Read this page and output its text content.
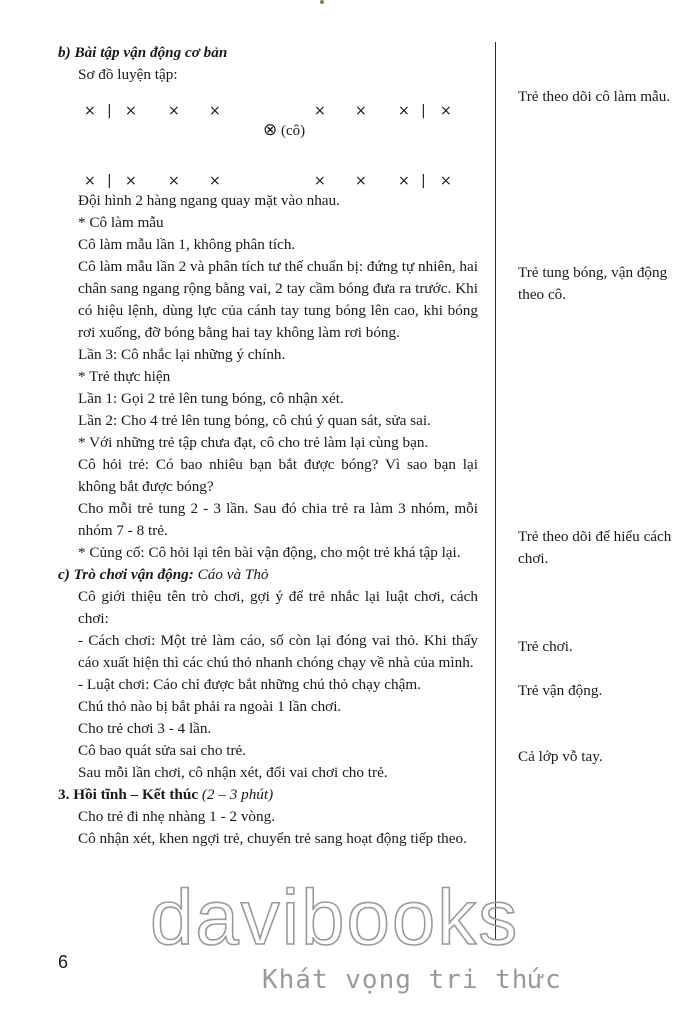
b) Bài tập vận động cơ bản

Sơ đồ luyện tập:

× | × × ×	× × × | ×
⊗ (cô)
× | × × ×	× × × | ×

Đội hình 2 hàng ngang quay mặt vào nhau.

* Cô làm mẫu

Cô làm mẫu lần 1, không phân tích.

Cô làm mẫu lần 2 và phân tích tư thế chuẩn bị: đứng tự nhiên, hai chân sang ngang rộng bằng vai, 2 tay cầm bóng đưa ra trước. Khi có hiệu lệnh, dùng lực của cánh tay tung bóng lên cao, khi bóng rơi xuống, đỡ bóng bằng hai tay không làm rơi bóng.

Lần 3: Cô nhắc lại những ý chính.

* Trẻ thực hiện

Lần 1: Gọi 2 trẻ lên tung bóng, cô nhận xét.

Lần 2: Cho 4 trẻ lên tung bóng, cô chú ý quan sát, sửa sai.

* Với những trẻ tập chưa đạt, cô cho trẻ làm lại cùng bạn.

Cô hỏi trẻ: Có bao nhiêu bạn bắt được bóng? Vì sao bạn lại không bắt được bóng?

Cho mỗi trẻ tung 2 - 3 lần. Sau đó chia trẻ ra làm 3 nhóm, mỗi nhóm 7 - 8 trẻ.

* Củng cố: Cô hỏi lại tên bài vận động, cho một trẻ khá tập lại.

c) Trò chơi vận động: Cáo và Thỏ

Cô giới thiệu tên trò chơi, gợi ý để trẻ nhắc lại luật chơi, cách chơi:

- Cách chơi: Một trẻ làm cáo, số còn lại đóng vai thỏ. Khi thấy cáo xuất hiện thì các chú thỏ nhanh chóng chạy về nhà của mình.

- Luật chơi: Cáo chỉ được bắt những chú thỏ chạy chậm.

Chú thỏ nào bị bắt phải ra ngoài 1 lần chơi.

Cho trẻ chơi 3 - 4 lần.

Cô bao quát sửa sai cho trẻ.

Sau mỗi lần chơi, cô nhận xét, đổi vai chơi cho trẻ.

3. Hồi tĩnh – Kết thúc (2 – 3 phút)

Cho trẻ đi nhẹ nhàng 1 - 2 vòng.

Cô nhận xét, khen ngợi trẻ, chuyển trẻ sang hoạt động tiếp theo.

Trẻ theo dõi cô làm mẫu.

Trẻ tung bóng, vận động theo cô.

Trẻ theo dõi để hiểu cách chơi.

Trẻ chơi.

Trẻ vận động.

Cả lớp vỗ tay.

6
davibooks
Khát vọng tri thức
